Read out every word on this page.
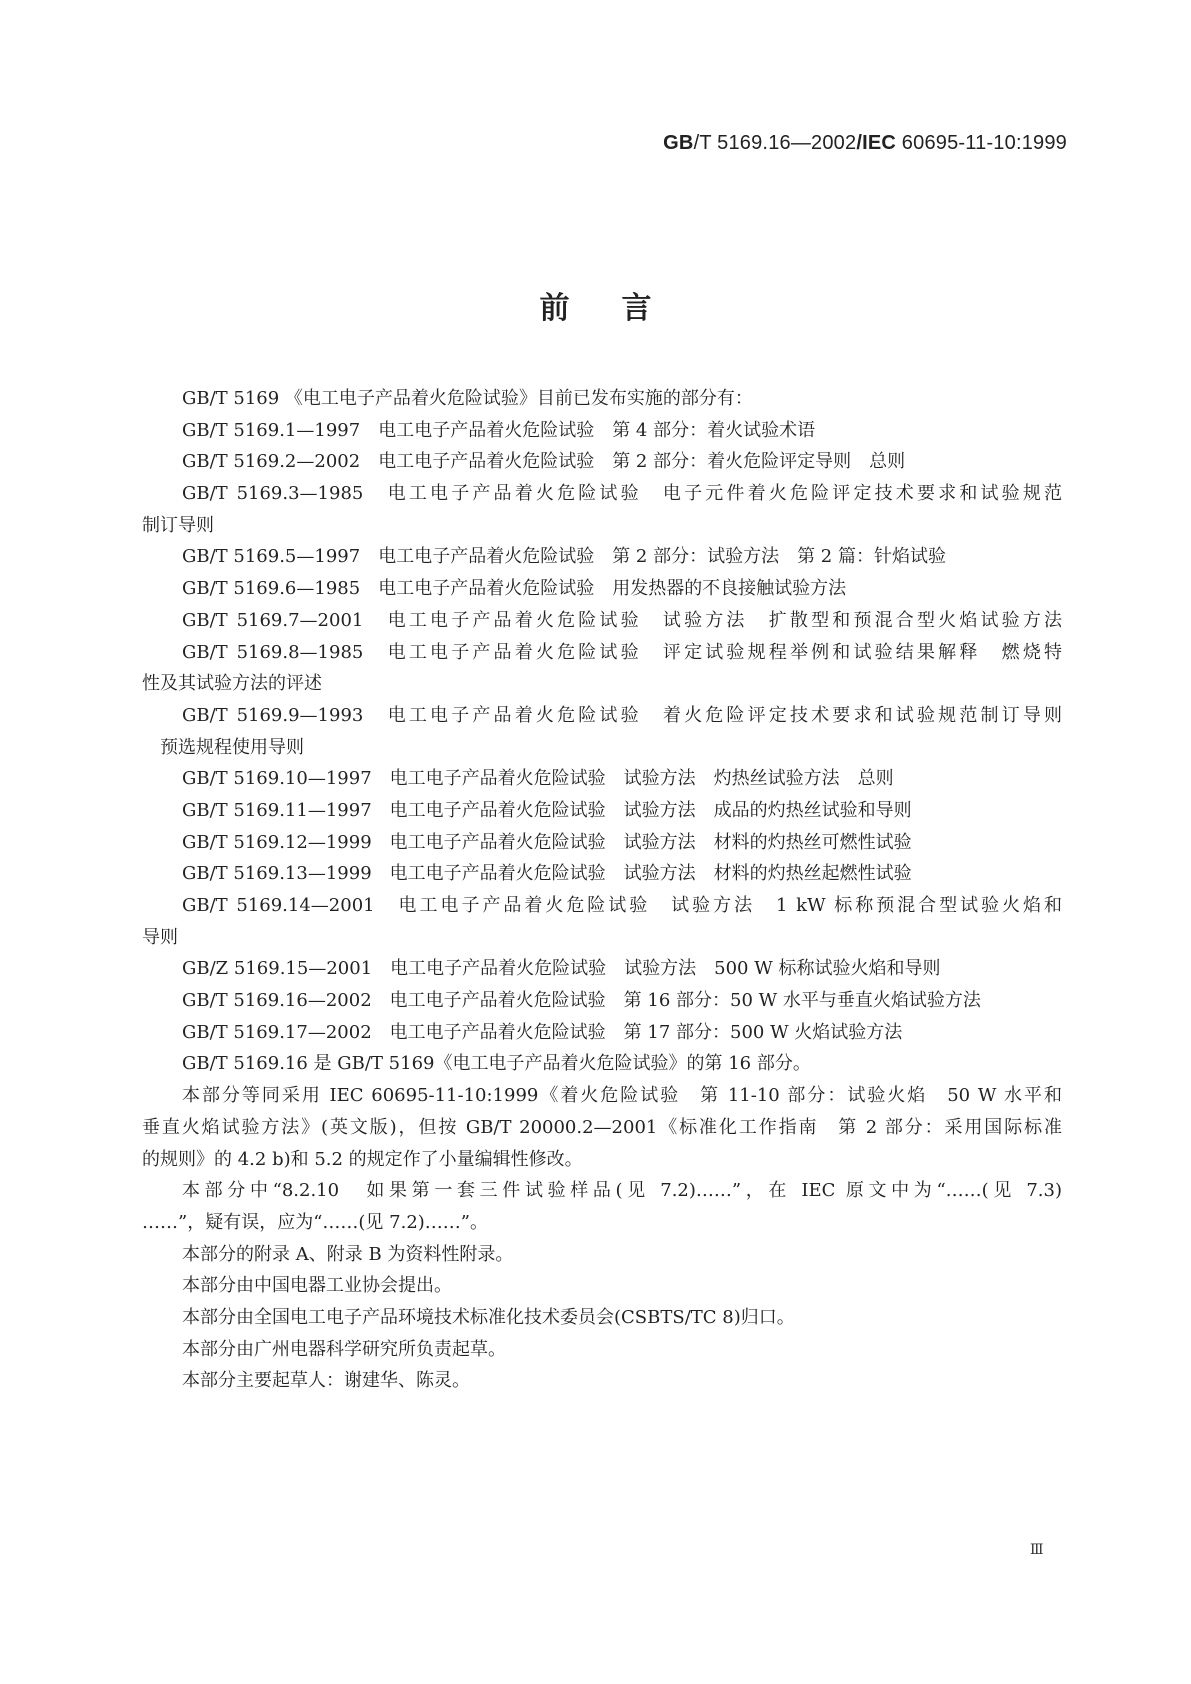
GB/T 5169.16—2002/IEC 60695-11-10:1999
前言
GB/T 5169 《电工电子产品着火危险试验》目前已发布实施的部分有：
GB/T 5169.1—1997　电工电子产品着火危险试验　第 4 部分：着火试验术语
GB/T 5169.2—2002　电工电子产品着火危险试验　第 2 部分：着火危险评定导则　总则
GB/T 5169.3—1985　电工电子产品着火危险试验　电子元件着火危险评定技术要求和试验规范
制订导则
GB/T 5169.5—1997　电工电子产品着火危险试验　第 2 部分：试验方法　第 2 篇：针焰试验
GB/T 5169.6—1985　电工电子产品着火危险试验　用发热器的不良接触试验方法
GB/T 5169.7—2001　电工电子产品着火危险试验　试验方法　扩散型和预混合型火焰试验方法
GB/T 5169.8—1985　电工电子产品着火危险试验　评定试验规程举例和试验结果解释　燃烧特
性及其试验方法的评述
GB/T 5169.9—1993　电工电子产品着火危险试验　着火危险评定技术要求和试验规范制订导则
预选规程使用导则
GB/T 5169.10—1997　电工电子产品着火危险试验　试验方法　灼热丝试验方法　总则
GB/T 5169.11—1997　电工电子产品着火危险试验　试验方法　成品的灼热丝试验和导则
GB/T 5169.12—1999　电工电子产品着火危险试验　试验方法　材料的灼热丝可燃性试验
GB/T 5169.13—1999　电工电子产品着火危险试验　试验方法　材料的灼热丝起燃性试验
GB/T 5169.14—2001　电工电子产品着火危险试验　试验方法　1 kW 标称预混合型试验火焰和
导则
GB/Z 5169.15—2001　电工电子产品着火危险试验　试验方法　500 W 标称试验火焰和导则
GB/T 5169.16—2002　电工电子产品着火危险试验　第 16 部分：50 W 水平与垂直火焰试验方法
GB/T 5169.17—2002　电工电子产品着火危险试验　第 17 部分：500 W 火焰试验方法
GB/T 5169.16 是 GB/T 5169《电工电子产品着火危险试验》的第 16 部分。
本部分等同采用 IEC 60695-11-10:1999《着火危险试验　第 11-10 部分：试验火焰　50 W 水平和
垂直火焰试验方法》(英文版)，但按 GB/T 20000.2—2001《标准化工作指南　第 2 部分：采用国际标准
的规则》的 4.2 b)和 5.2 的规定作了小量编辑性修改。
本部分中“8.2.10　如果第一套三件试验样品(见 7.2)……”，在 IEC 原文中为“……(见 7.3)
……”，疑有误，应为“……(见 7.2)……”。
本部分的附录 A、附录 B 为资料性附录。
本部分由中国电器工业协会提出。
本部分由全国电工电子产品环境技术标准化技术委员会(CSBTS/TC 8)归口。
本部分由广州电器科学研究所负责起草。
本部分主要起草人：谢建华、陈灵。
Ⅲ
